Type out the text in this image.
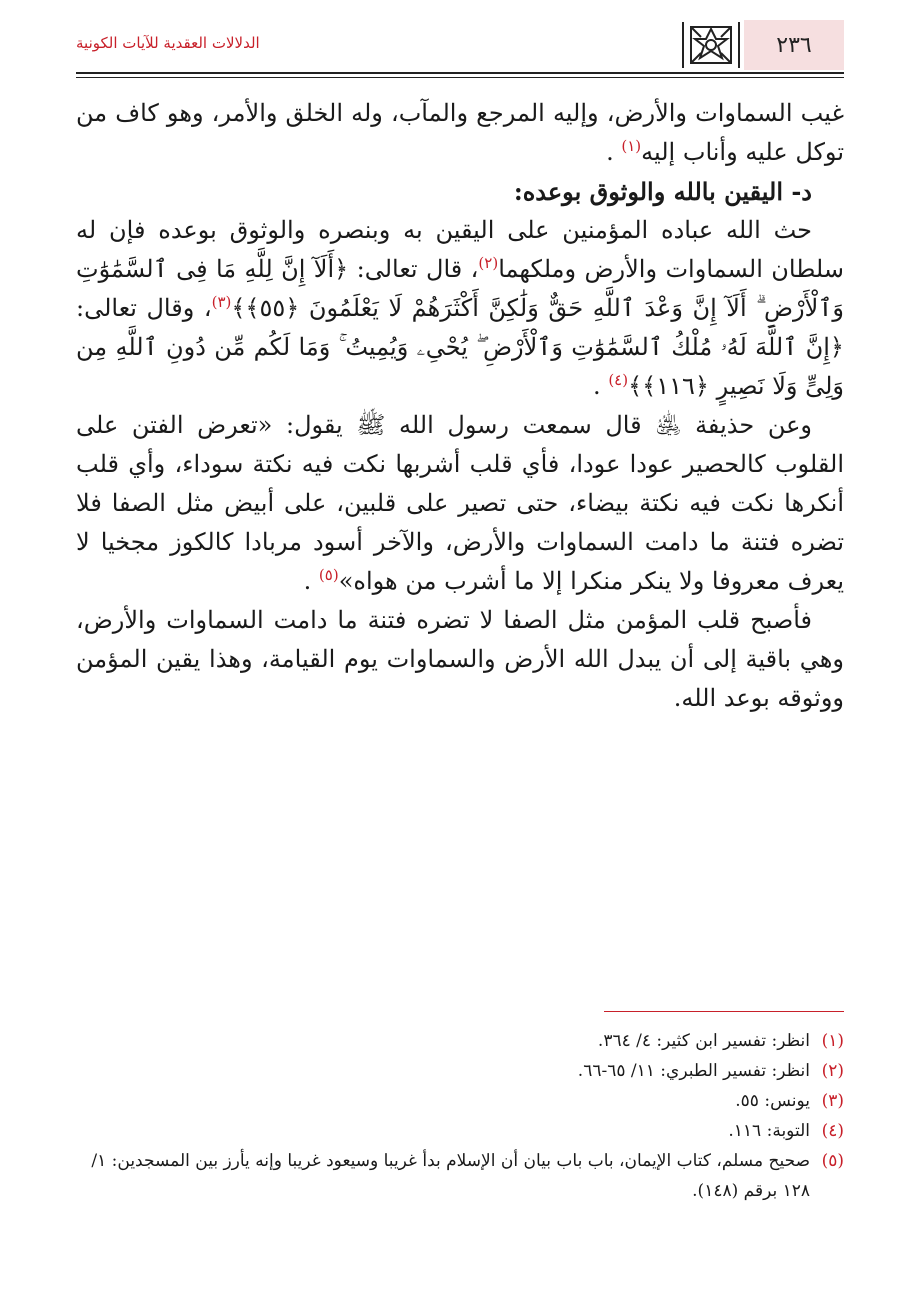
٢٣٦
الدلالات العقدية للآيات الكونية

غيب السماوات والأرض، وإليه المرجع والمآب، وله الخلق والأمر، وهو كاف من توكل عليه وأناب إليه$^{(١)}$ .

د- اليقين بالله والوثوق بوعده:

حث الله عباده المؤمنين على اليقين به وبنصره والوثوق بوعده فإن له سلطان السماوات والأرض وملكهما$^{(٢)}$، قال تعالى: ﴿أَلَآ إِنَّ لِلَّهِ مَا فِى ٱلسَّمَٰوَٰتِ وَٱلْأَرْضِ ۗ أَلَآ إِنَّ وَعْدَ ٱللَّهِ حَقٌّ وَلَٰكِنَّ أَكْثَرَهُمْ لَا يَعْلَمُونَ ﴿٥٥﴾﴾$^{(٣)}$، وقال تعالى: ﴿إِنَّ ٱللَّهَ لَهُۥ مُلْكُ ٱلسَّمَٰوَٰتِ وَٱلْأَرْضِ ۖ يُحْىِۦ وَيُمِيتُ ۚ وَمَا لَكُم مِّن دُونِ ٱللَّهِ مِن وَلِىٍّ وَلَا نَصِيرٍ ﴿١١٦﴾﴾$^{(٤)}$ .

وعن حذيفة ﵁ قال سمعت رسول الله ﷺ يقول: «تعرض الفتن على القلوب كالحصير عودا عودا، فأي قلب أشربها نكت فيه نكتة سوداء، وأي قلب أنكرها نكت فيه نكتة بيضاء، حتى تصير على قلبين، على أبيض مثل الصفا فلا تضره فتنة ما دامت السماوات والأرض، والآخر أسود مربادا كالكوز مجخيا لا يعرف معروفا ولا ينكر منكرا إلا ما أشرب من هواه»$^{(٥)}$ .

فأصبح قلب المؤمن مثل الصفا لا تضره فتنة ما دامت السماوات والأرض، وهي باقية إلى أن يبدل الله الأرض والسماوات يوم القيامة، وهذا يقين المؤمن ووثوقه بوعد الله.

(١)
انظر: تفسير ابن كثير: ٤/ ٣٦٤.
(٢)
انظر: تفسير الطبري: ١١/ ٦٥-٦٦.
(٣)
يونس: ٥٥.
(٤)
التوبة: ١١٦.
(٥)
صحيح مسلم، كتاب الإيمان، باب باب بيان أن الإسلام بدأ غريبا وسيعود غريبا وإنه يأرز بين المسجدين: ١/ ١٢٨ برقم (١٤٨).
